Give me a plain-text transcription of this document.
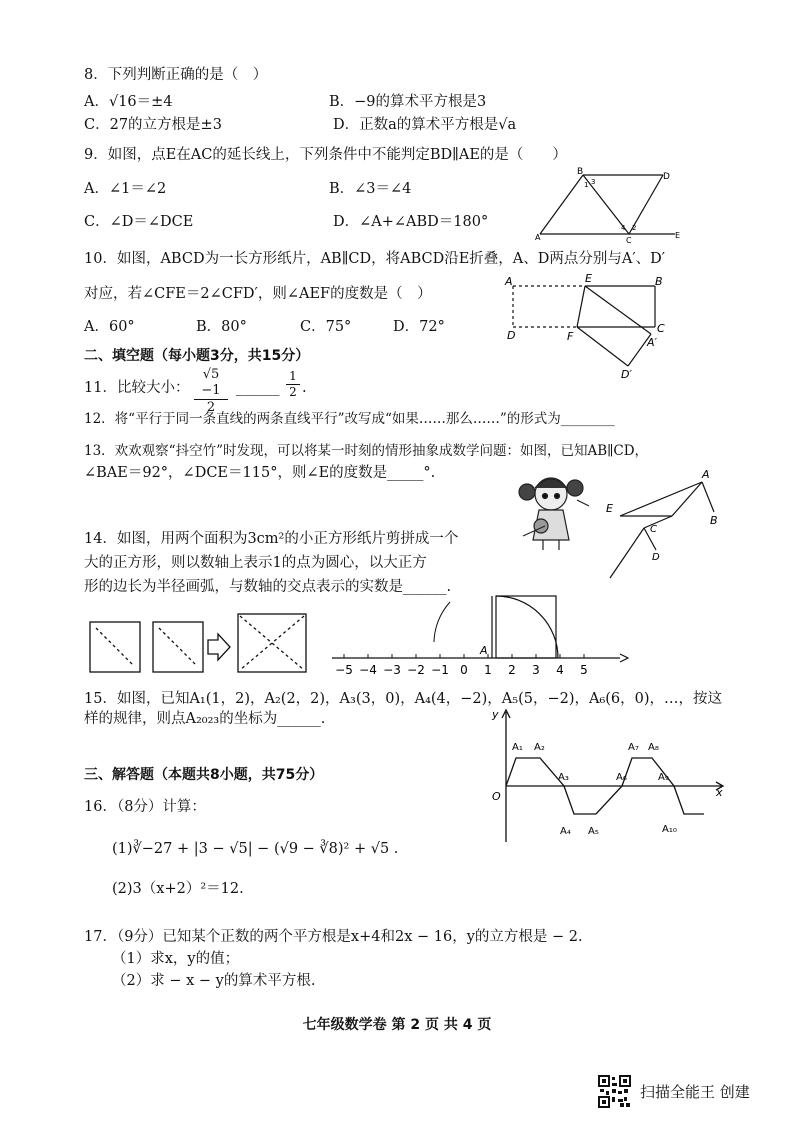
8．下列判断正确的是（　）
A．√16＝±4	B．−9的算术平方根是3
C．27的立方根是±3	D．正数a的算术平方根是√a
9．如图，点E在AC的延长线上，下列条件中不能判定BD∥AE的是（　　）
A．∠1＝∠2	B．∠3＝∠4
C．∠D＝∠DCE	D．∠A+∠ABD＝180°
B	D
A	C
E
1
2
3
4
10．如图，ABCD为一长方形纸片，AB∥CD，将ABCD沿E折叠，A、D两点分别与A′、D′
对应，若∠CFE＝2∠CFD′，则∠AEF的度数是（　）
A．60°	B．80°	C．75°	D．72°
A	E	B
D	F
C
A′
D′
二、填空题（每小题3分，共15分）
11．比较大小： $\frac{√5 -1}{2}$ ______ $\frac{1}{2}$ .
12．将“平行于同一条直线的两条直线平行”改写成“如果……那么……”的形式为________
13．欢欢观察“抖空竹”时发现，可以将某一时刻的情形抽象成数学问题：如图，已知AB∥CD，
∠BAE＝92°，∠DCE＝115°，则∠E的度数是_____°.	A
E
B
C
D
14．如图，用两个面积为3cm²的小正方形纸片剪拼成一个
大的正方形，则以数轴上表示1的点为圆心，以大正方
形的边长为半径画弧，与数轴的交点表示的实数是______.
−5 −4 −3 −2 −1 0 1 2 3 4 5
A
15．如图，已知A₁(1，2)，A₂(2，2)，A₃(3，0)，A₄(4，−2)，A₅(5，−2)，A₆(6，0)，…，按这
样的规律，则点A₂₀₂₃的坐标为______.	y
x
O
A₁ A₂
A₃
A₄ A₅
A₆
A₇ A₈
A₉
A₁₀
三、解答题（本题共8小题，共75分）
16．（8分）计算：
(1)∛−27 + |3 − √5| − (√9 − ∛8)² + √5 .
(2)3（x+2）²＝12.
17．（9分）已知某个正数的两个平方根是x+4和2x − 16，y的立方根是 − 2.
（1）求x，y的值；
（2）求 − x − y的算术平方根.
七年级数学卷 第 2 页 共 4 页
扫描全能王 创建
